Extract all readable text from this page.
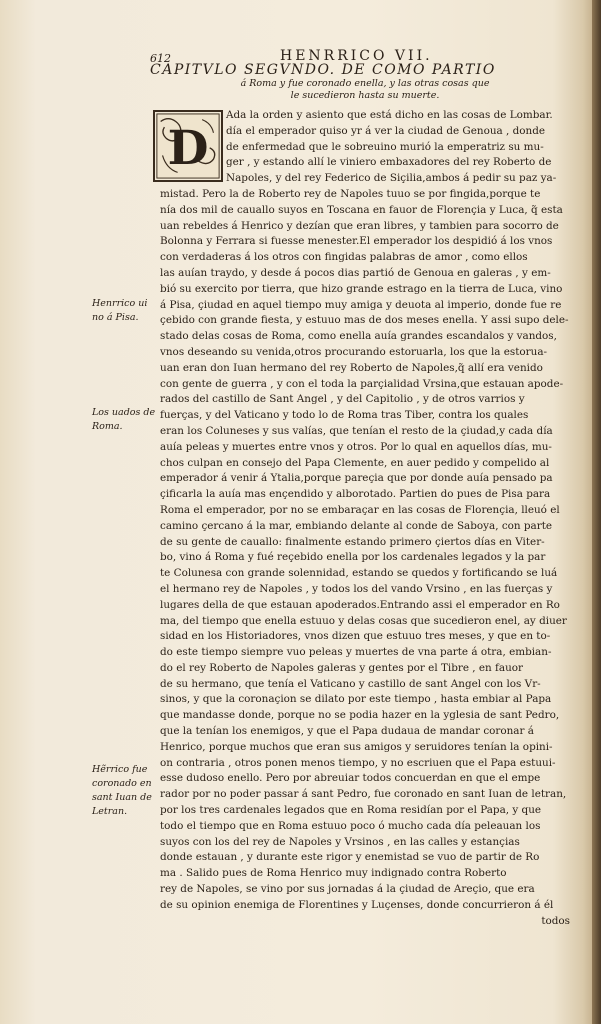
612	HENRRICO VII.
CAPITVLO SEGVNDO. DE COMO PARTIO
á Roma y fue coronado enella, y las otras cosas que
le sucedieron hasta su muerte.
Ada la orden y asiento que está dicho en las cosas de Lombar.
día el emperador quiso yr á ver la ciudad de Genoua , donde
de enfermedad que le sobreuino murió la emperatriz su mu-
ger , y estando allí le viniero embaxadores del rey Roberto de
Napoles, y del rey Federico de Siçilia,ambos á pedir su paz ya-
mistad. Pero la de Roberto rey de Napoles tuuo se por fingida,porque te
nía dos mil de cauallo suyos en Toscana en fauor de Florençia y Luca, q̃ esta
uan rebeldes á Henrico y dezían que eran libres, y tambien para socorro de
Bolonna y Ferrara si fuesse menester.El emperador los despidió á los vnos
con verdaderas á los otros con fingidas palabras de amor , como ellos
las auían traydo, y desde á pocos dias partió de Genoua en galeras , y em-
bió su exercito por tierra, que hizo grande estrago en la tierra de Luca, vino
á Pisa, çiudad en aquel tiempo muy amiga y deuota al imperio, donde fue re
çebido con grande fiesta, y estuuo mas de dos meses enella. Y assi supo dele-
stado delas cosas de Roma, como enella auía grandes escandalos y vandos,
vnos deseando su venida,otros procurando estoruarla, los que la estorua-
uan eran don Iuan hermano del rey Roberto de Napoles,q̃ allí era venido
con gente de guerra , y con el toda la parçialidad Vrsina,que estauan apode-
rados del castillo de Sant Angel , y del Capitolio , y de otros varrios y
fuerças, y del Vaticano y todo lo de Roma tras Tiber, contra los quales
eran los Coluneses y sus valías, que tenían el resto de la çiudad,y cada día
auía peleas y muertes entre vnos y otros. Por lo qual en aquellos días, mu-
chos culpan en consejo del Papa Clemente, en auer pedido y compelido al
emperador á venir á Ytalia,porque pareçia que por donde auía pensado pa
çificarla la auía mas ençendido y alborotado. Partien do pues de Pisa para
Roma el emperador, por no se embaraçar en las cosas de Florençia, lleuó el
camino çercano á la mar, embiando delante al conde de Saboya, con parte
de su gente de cauallo: finalmente estando primero çiertos días en Viter-
bo, vino á Roma y fué reçebido enella por los cardenales legados y la par
te Colunesa con grande solennidad, estando se quedos y fortificando se luá
el hermano rey de Napoles , y todos los del vando Vrsino , en las fuerças y
lugares della de que estauan apoderados.Entrando assi el emperador en Ro
ma, del tiempo que enella estuuo y delas cosas que sucedieron enel, ay diuer
sidad en los Historiadores, vnos dizen que estuuo tres meses, y que en to-
do este tiempo siempre vuo peleas y muertes de vna parte á otra, embian-
do el rey Roberto de Napoles galeras y gentes por el Tibre , en fauor
de su hermano, que tenía el Vaticano y castillo de sant Angel con los Vr-
sinos, y que la coronaçion se dilato por este tiempo , hasta embiar al Papa
que mandasse donde, porque no se podia hazer en la yglesia de sant Pedro,
que la tenían los enemigos, y que el Papa dudaua de mandar coronar á
Henrico, porque muchos que eran sus amigos y seruidores tenían la opini-
on contraria , otros ponen menos tiempo, y no escriuen que el Papa estuui-
esse dudoso enello. Pero por abreuiar todos concuerdan en que el empe
rador por no poder passar á sant Pedro, fue coronado en sant Iuan de letran,
por los tres cardenales legados que en Roma residían por el Papa, y que
todo el tiempo que en Roma estuuo poco ó mucho cada día peleauan los
suyos con los del rey de Napoles y Vrsinos , en las calles y estançias
donde estauan , y durante este rigor y enemistad se vuo de partir de Ro
ma . Salido pues de Roma Henrico muy indignado contra Roberto
rey de Napoles, se vino por sus jornadas á la çiudad de Areçio, que era
de su opinion enemiga de Florentines y Luçenses, donde concurrieron á él
todos
D
Henrrico ui
no á Pisa.
Los uados de
Roma.
Hẽrrico fue
coronado en
sant Iuan de
Letran.
